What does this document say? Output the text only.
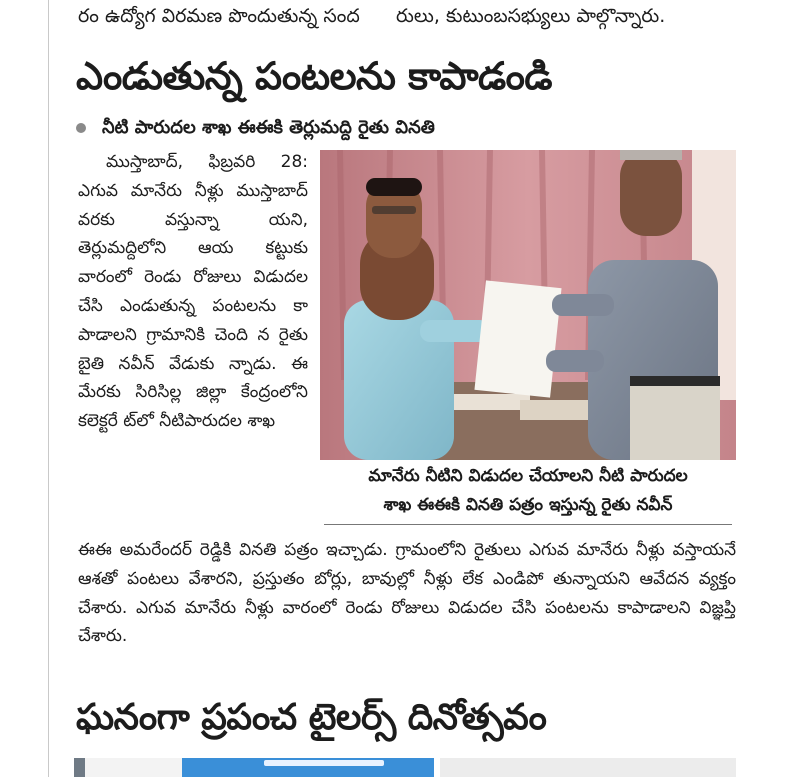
రం ఉద్యోగ విరమణ పొందుతున్న సంద రులు, కుటుంబసభ్యులు పాల్గొన్నారు.
ఎండుతున్న పంటలను కాపాడండి
నీటి పారుదల శాఖ ఈఈకి తెర్లుమద్ది రైతు వినతి

ముస్తాబాద్‌, ఫిబ్రవరి 28: ఎగువ మానేరు నీళ్లు ముస్తాబాద్‌ వరకు వస్తున్నా యని, తెర్లుమద్దిలోని ఆయ కట్టుకు వారంలో రెండు రోజులు విడుదల చేసి ఎండుతున్న పంటలను కా పాడాలని గ్రామానికి చెంది న రైతు బైతి నవీన్‌ వేడుకు న్నాడు. ఈ మేరకు సిరిసిల్ల జిల్లా కేంద్రంలోని కలెక్టరే ట్‌లో నీటిపారుదల శాఖ

మానేరు నీటిని విడుదల చేయాలని నీటి పారుదల
శాఖ ఈఈకి వినతి పత్రం ఇస్తున్న రైతు నవీన్‌

ఈఈ అమరేందర్‌ రెడ్డికి వినతి పత్రం ఇచ్చాడు. గ్రామంలోని రైతులు ఎగువ మానేరు నీళ్లు వస్తాయనే ఆశతో పంటలు వేశారని, ప్రస్తుతం బోర్లు, బావుల్లో నీళ్లు లేక ఎండిపో తున్నాయని ఆవేదన వ్యక్తం చేశారు. ఎగువ మానేరు నీళ్లు వారంలో రెండు రోజులు విడుదల చేసి పంటలను కాపాడాలని విజ్ఞప్తి చేశారు.

ఘనంగా ప్రపంచ టైలర్స్‌ దినోత్సవం
